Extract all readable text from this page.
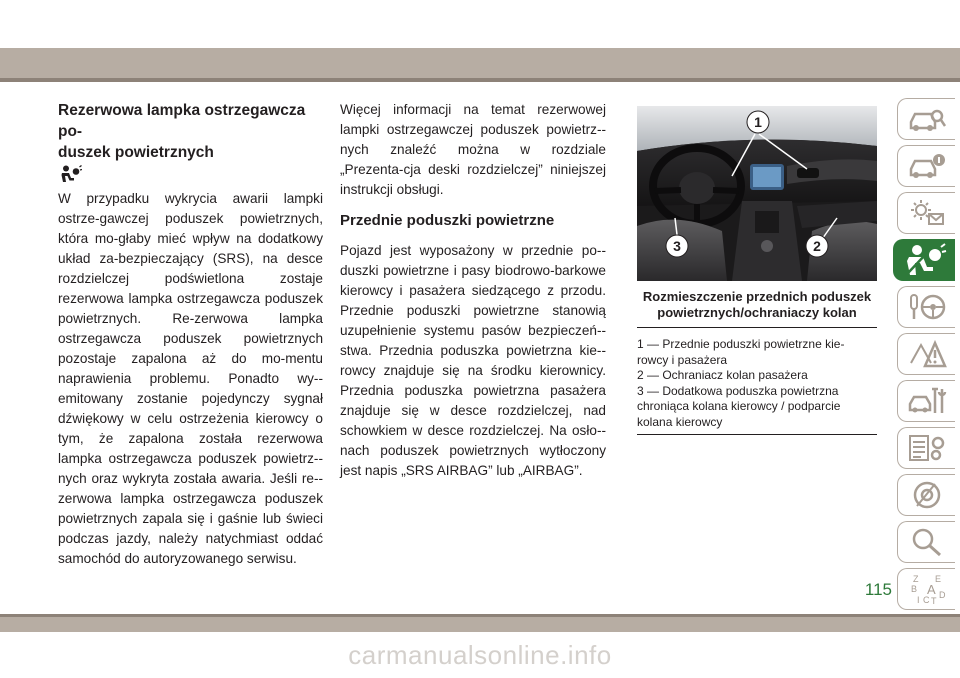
Rezerwowa lampka ostrzegawcza po-
duszek powietrznych

W przypadku wykrycia awarii lampki ostrze-gawczej poduszek powietrznych, która mo-głaby mieć wpływ na dodatkowy układ za-bezpieczający (SRS), na desce rozdzielczej podświetlona zostaje rezerwowa lampka ostrzegawcza poduszek powietrznych. Re-zerwowa lampka ostrzegawcza poduszek powietrznych pozostaje zapalona aż do mo-mentu naprawienia problemu. Ponadto wy-emitowany zostanie pojedynczy sygnał dźwiękowy w celu ostrzeżenia kierowcy o tym, że zapalona została rezerwowa lampka ostrzegawcza poduszek powietrz-nych oraz wykryta została awaria. Jeśli re-zerwowa lampka ostrzegawcza poduszek powietrznych zapala się i gaśnie lub świeci podczas jazdy, należy natychmiast oddać samochód do autoryzowanego serwisu.

Więcej informacji na temat rezerwowej lampki ostrzegawczej poduszek powietrz-nych znaleźć można w rozdziale „Prezenta-cja deski rozdzielczej” niniejszej instrukcji obsługi.

Przednie poduszki powietrzne

Pojazd jest wyposażony w przednie po-duszki powietrzne i pasy biodrowo-barkowe kierowcy i pasażera siedzącego z przodu. Przednie poduszki powietrzne stanowią uzupełnienie systemu pasów bezpieczeń-stwa. Przednia poduszka powietrzna kie-rowcy znajduje się na środku kierownicy. Przednia poduszka powietrzna pasażera znajduje się w desce rozdzielczej, nad schowkiem w desce rozdzielczej. Na osło-nach poduszek powietrznych wytłoczony jest napis „SRS AIRBAG” lub „AIRBAG”.

1
2
3
Rozmieszczenie przednich poduszek powietrznych/ochraniaczy kolan
1 — Przednie poduszki powietrzne kie-
rowcy i pasażera
2 — Ochraniacz kolan pasażera
3 — Dodatkowa poduszka powietrzna
chroniąca kolana kierowcy / podparcie
kolana kierowcy
Z E
B A
I C T
D
115
carmanualsonline.info
